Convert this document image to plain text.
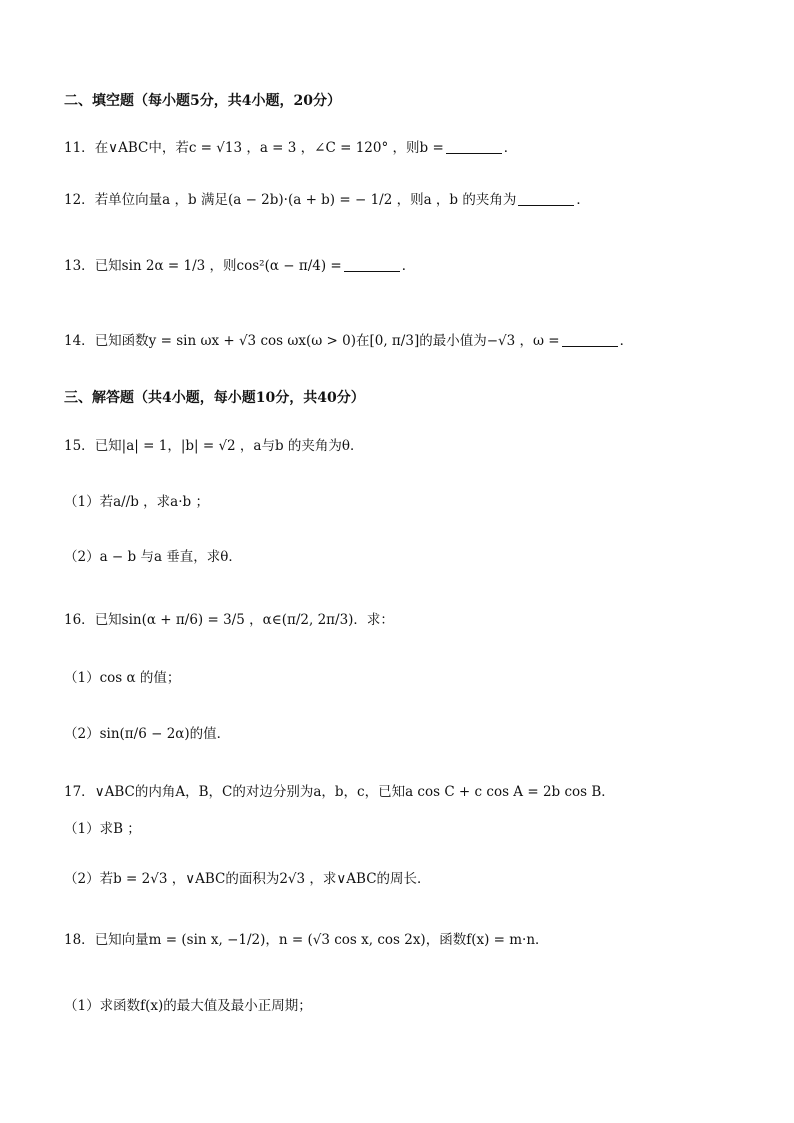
二、填空题（每小题5分，共4小题，20分）
11．在∨ABC中，若c = √13 ，a = 3 ，∠C = 120° ，则b =	．
12．若单位向量a ，b 满足(a − 2b)·(a + b) = − 1/2 ，则a ，b 的夹角为	．
13．已知sin 2α = 1/3 ，则cos²(α − π/4) =	．
14．已知函数y = sin ωx + √3 cos ωx(ω > 0)在[0, π/3]的最小值为−√3 ，ω =	．
三、解答题（共4小题，每小题10分，共40分）
15．已知|a| = 1，|b| = √2 ，a与b 的夹角为θ．
（1）若a//b ，求a·b ；
（2）a − b 与a 垂直，求θ．
16．已知sin(α + π/6) = 3/5 ，α∈(π/2, 2π/3)．求：
（1）cos α 的值；
（2）sin(π/6 − 2α)的值．
17．∨ABC的内角A，B，C的对边分别为a，b，c，已知a cos C + c cos A = 2b cos B．
（1）求B ；
（2）若b = 2√3 ，∨ABC的面积为2√3 ，求∨ABC的周长．
18．已知向量m = (sin x, −1/2)，n = (√3 cos x, cos 2x)，函数f(x) = m·n．
（1）求函数f(x)的最大值及最小正周期；
